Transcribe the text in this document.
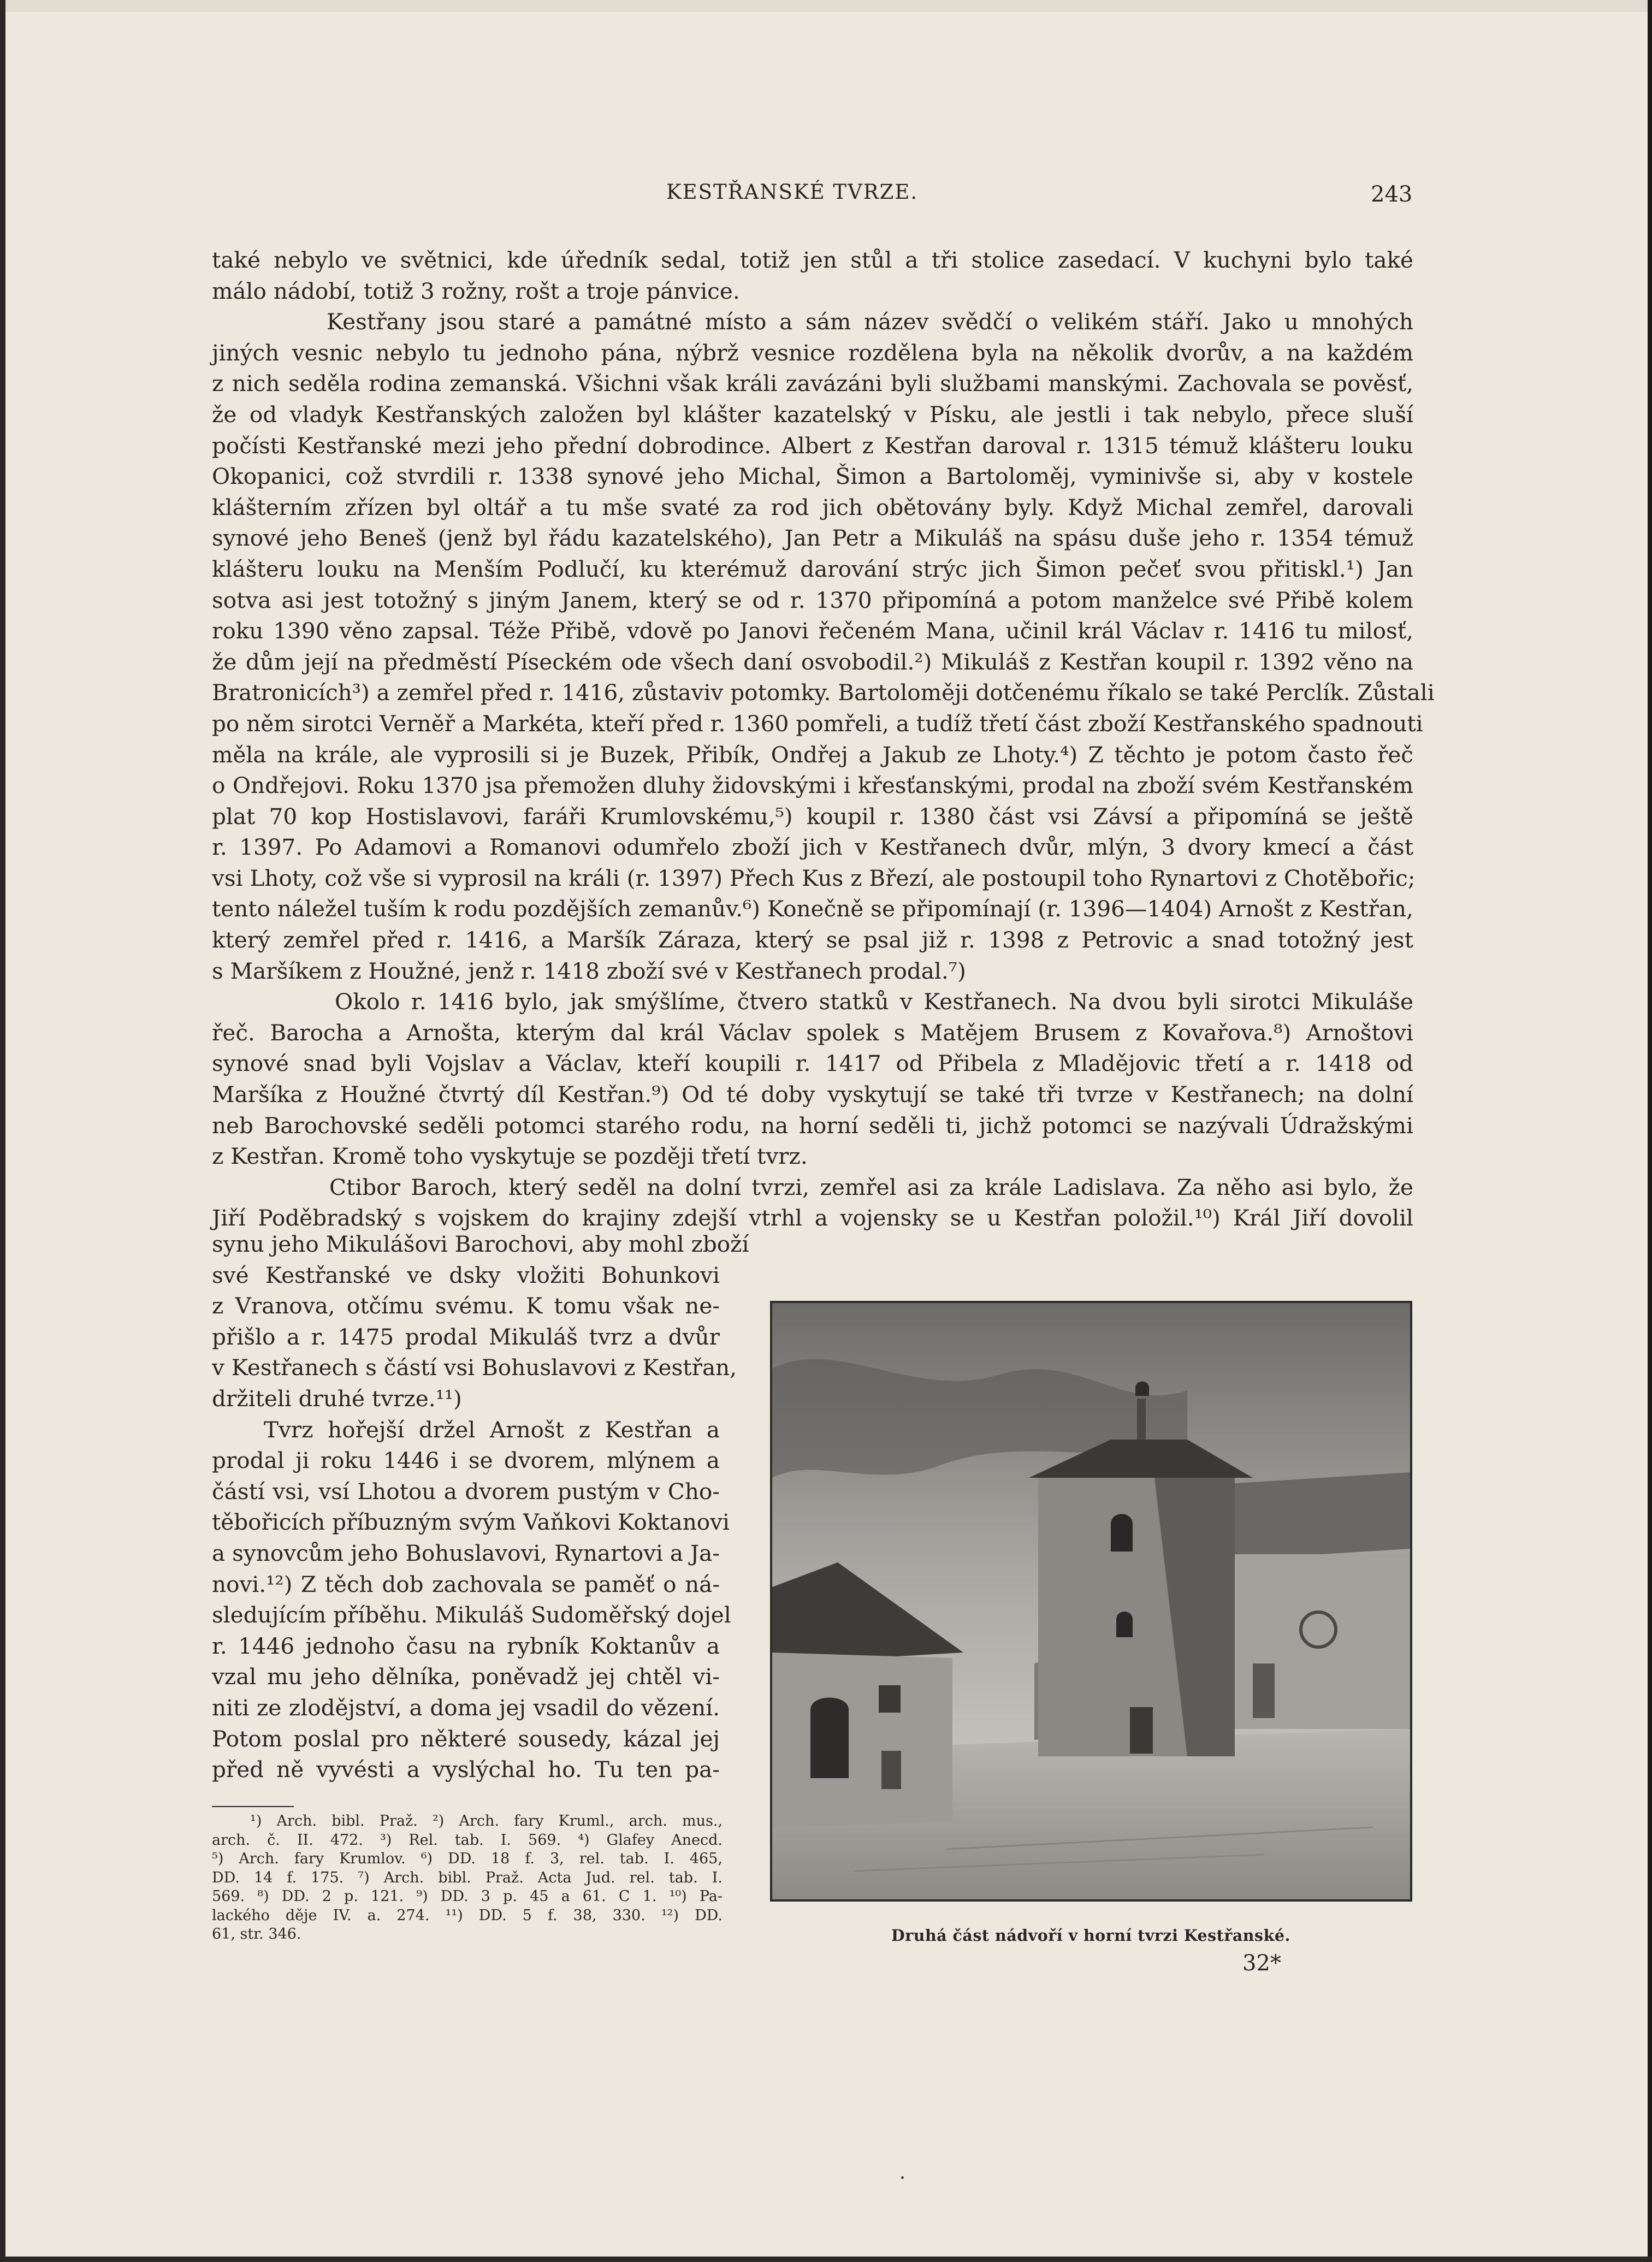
KESTŘANSKÉ TVRZE.	243
také nebylo ve světnici, kde úředník sedal, totiž jen stůl a tři stolice zasedací. V kuchyni bylo také
málo nádobí, totiž 3 rožny, rošt a troje pánvice.
Kestřany jsou staré a památné místo a sám název svědčí o velikém stáří. Jako u mnohých
jiných vesnic nebylo tu jednoho pána, nýbrž vesnice rozdělena byla na několik dvorův, a na každém
z nich seděla rodina zemanská. Všichni však králi zavázáni byli službami manskými. Zachovala se pověsť,
že od vladyk Kestřanských založen byl klášter kazatelský v Písku, ale jestli i tak nebylo, přece sluší
počísti Kestřanské mezi jeho přední dobrodince. Albert z Kestřan daroval r. 1315 témuž klášteru louku
Okopanici, což stvrdili r. 1338 synové jeho Michal, Šimon a Bartoloměj, vyminivše si, aby v kostele
klášterním zřízen byl oltář a tu mše svaté za rod jich obětovány byly. Když Michal zemřel, darovali
synové jeho Beneš (jenž byl řádu kazatelského), Jan Petr a Mikuláš na spásu duše jeho r. 1354 témuž
klášteru louku na Menším Podlučí, ku kterémuž darování strýc jich Šimon pečeť svou přitiskl.¹) Jan
sotva asi jest totožný s jiným Janem, který se od r. 1370 připomíná a potom manželce své Přibě kolem
roku 1390 věno zapsal. Téže Přibě, vdově po Janovi řečeném Mana, učinil král Václav r. 1416 tu milosť,
že dům její na předměstí Píseckém ode všech daní osvobodil.²) Mikuláš z Kestřan koupil r. 1392 věno na
Bratronicích³) a zemřel před r. 1416, zůstaviv potomky. Bartoloměji dotčenému říkalo se také Perclík. Zůstali
po něm sirotci Verněř a Markéta, kteří před r. 1360 pomřeli, a tudíž třetí část zboží Kestřanského spadnouti
měla na krále, ale vyprosili si je Buzek, Přibík, Ondřej a Jakub ze Lhoty.⁴) Z těchto je potom často řeč
o Ondřejovi. Roku 1370 jsa přemožen dluhy židovskými i křesťanskými, prodal na zboží svém Kestřanském
plat 70 kop Hostislavovi, faráři Krumlovskému,⁵) koupil r. 1380 část vsi Závsí a připomíná se ještě
r. 1397. Po Adamovi a Romanovi odumřelo zboží jich v Kestřanech dvůr, mlýn, 3 dvory kmecí a část
vsi Lhoty, což vše si vyprosil na králi (r. 1397) Přech Kus z Březí, ale postoupil toho Rynartovi z Chotěbořic;
tento náležel tuším k rodu pozdějších zemanův.⁶) Konečně se připomínají (r. 1396—1404) Arnošt z Kestřan,
který zemřel před r. 1416, a Maršík Záraza, který se psal již r. 1398 z Petrovic a snad totožný jest
s Maršíkem z Houžné, jenž r. 1418 zboží své v Kestřanech prodal.⁷)
Okolo r. 1416 bylo, jak smýšlíme, čtvero statků v Kestřanech. Na dvou byli sirotci Mikuláše
řeč. Barocha a Arnošta, kterým dal král Václav spolek s Matějem Brusem z Kovařova.⁸) Arnoštovi
synové snad byli Vojslav a Václav, kteří koupili r. 1417 od Přibela z Mladějovic třetí a r. 1418 od
Maršíka z Houžné čtvrtý díl Kestřan.⁹) Od té doby vyskytují se také tři tvrze v Kestřanech; na dolní
neb Barochovské seděli potomci starého rodu, na horní seděli ti, jichž potomci se nazývali Údražskými
z Kestřan. Kromě toho vyskytuje se později třetí tvrz.
Ctibor Baroch, který seděl na dolní tvrzi, zemřel asi za krále Ladislava. Za něho asi bylo, že
Jiří Poděbradský s vojskem do krajiny zdejší vtrhl a vojensky se u Kestřan položil.¹⁰) Král Jiří dovolil
synu jeho Mikulášovi Barochovi, aby mohl zboží
své Kestřanské ve dsky vložiti Bohunkovi
z Vranova, otčímu svému. K tomu však ne-
přišlo a r. 1475 prodal Mikuláš tvrz a dvůr
v Kestřanech s částí vsi Bohuslavovi z Kestřan,
držiteli druhé tvrze.¹¹)
Tvrz hořejší držel Arnošt z Kestřan a
prodal ji roku 1446 i se dvorem, mlýnem a
částí vsi, vsí Lhotou a dvorem pustým v Cho-
těbořicích příbuzným svým Vaňkovi Koktanovi
a synovcům jeho Bohuslavovi, Rynartovi a Ja-
novi.¹²) Z těch dob zachovala se paměť o ná-
sledujícím příběhu. Mikuláš Sudoměřský dojel
r. 1446 jednoho času na rybník Koktanův a
vzal mu jeho dělníka, poněvadž jej chtěl vi-
niti ze zlodějství, a doma jej vsadil do vězení.
Potom poslal pro některé sousedy, kázal jej
před ně vyvésti a vyslýchal ho. Tu ten pa-
¹) Arch. bibl. Praž. ²) Arch. fary Kruml., arch. mus.,
arch. č. II. 472. ³) Rel. tab. I. 569. ⁴) Glafey Anecd.
⁵) Arch. fary Krumlov. ⁶) DD. 18 f. 3, rel. tab. I. 465,
DD. 14 f. 175. ⁷) Arch. bibl. Praž. Acta Jud. rel. tab. I.
569. ⁸) DD. 2 p. 121. ⁹) DD. 3 p. 45 a 61. C 1. ¹⁰) Pa-
lackého děje IV. a. 274. ¹¹) DD. 5 f. 38, 330. ¹²) DD.
61, str. 346.	Druhá část nádvoří v horní tvrzi Kestřanské.
32*
